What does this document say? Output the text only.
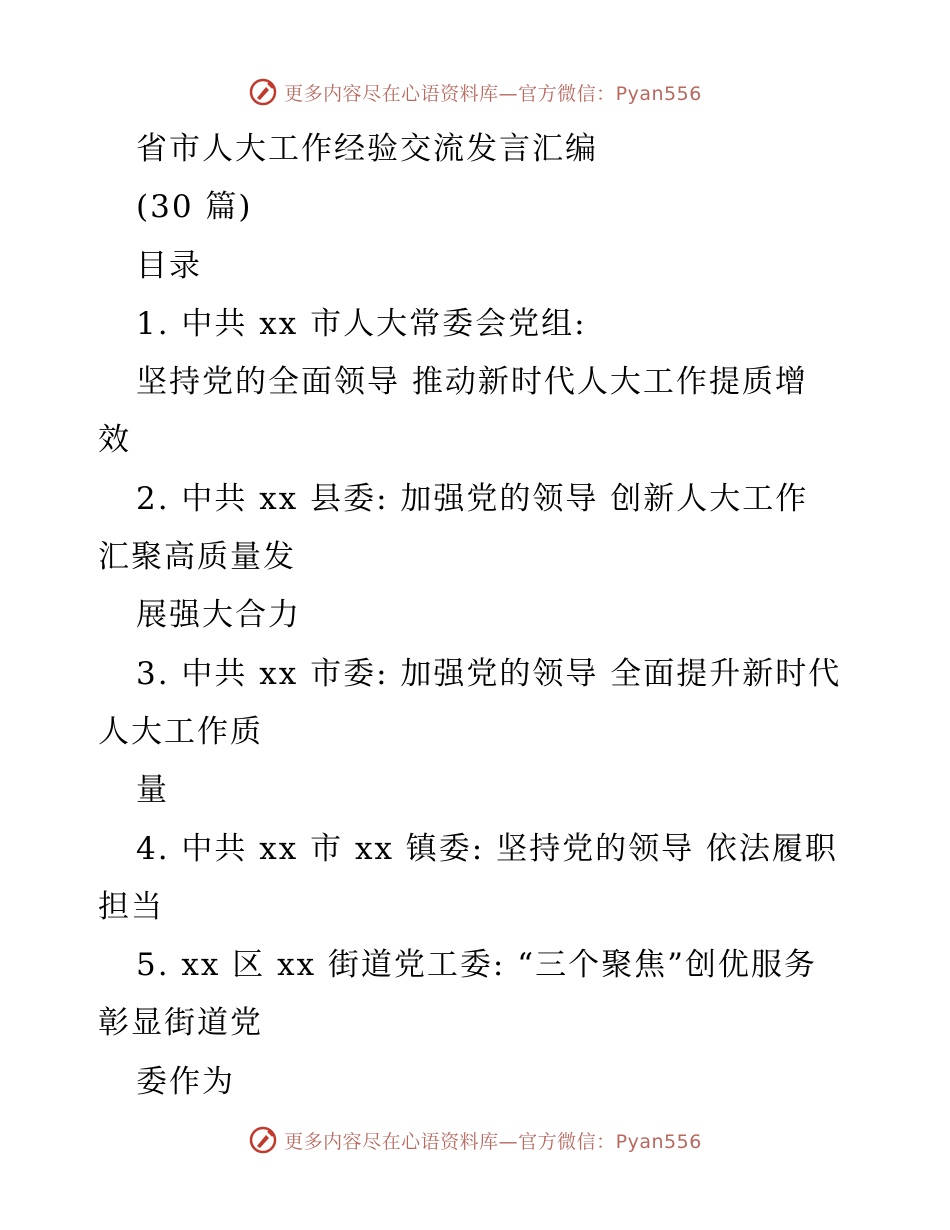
更多内容尽在心语资料库—官方微信：Pyan556
省市人大工作经验交流发言汇编
(30 篇)
目录
1. 中共 xx 市人大常委会党组:
坚持党的全面领导 推动新时代人大工作提质增
效
2. 中共 xx 县委: 加强党的领导 创新人大工作
汇聚高质量发
展强大合力
3. 中共 xx 市委: 加强党的领导 全面提升新时代
人大工作质
量
4. 中共 xx 市 xx 镇委: 坚持党的领导 依法履职
担当
5. xx 区 xx 街道党工委: “三个聚焦”创优服务
彰显街道党
委作为
更多内容尽在心语资料库—官方微信：Pyan556
